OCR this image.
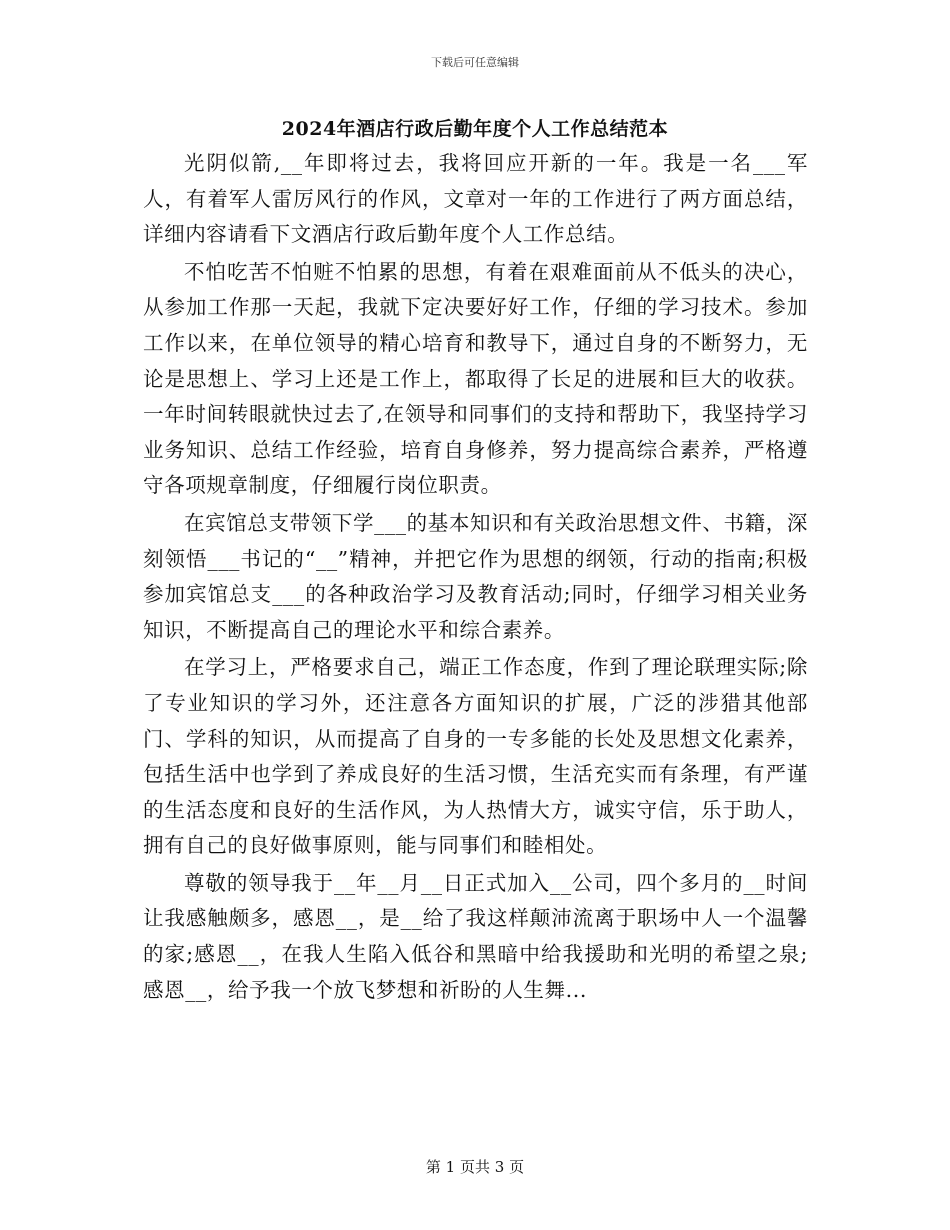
下载后可任意编辑
2024年酒店行政后勤年度个人工作总结范本

光阴似箭,__年即将过去，我将回应开新的一年。我是一名___军人，有着军人雷厉风行的作风，文章对一年的工作进行了两方面总结，详细内容请看下文酒店行政后勤年度个人工作总结。

不怕吃苦不怕赃不怕累的思想，有着在艰难面前从不低头的决心，从参加工作那一天起，我就下定决要好好工作，仔细的学习技术。参加工作以来，在单位领导的精心培育和教导下，通过自身的不断努力，无论是思想上、学习上还是工作上，都取得了长足的进展和巨大的收获。一年时间转眼就快过去了,在领导和同事们的支持和帮助下，我坚持学习业务知识、总结工作经验，培育自身修养，努力提高综合素养，严格遵守各项规章制度，仔细履行岗位职责。

在宾馆总支带领下学___的基本知识和有关政治思想文件、书籍，深刻领悟___书记的“__”精神，并把它作为思想的纲领，行动的指南;积极参加宾馆总支___的各种政治学习及教育活动;同时，仔细学习相关业务知识，不断提高自己的理论水平和综合素养。

在学习上，严格要求自己，端正工作态度，作到了理论联理实际;除了专业知识的学习外，还注意各方面知识的扩展，广泛的涉猎其他部门、学科的知识，从而提高了自身的一专多能的长处及思想文化素养，包括生活中也学到了养成良好的生活习惯，生活充实而有条理，有严谨的生活态度和良好的生活作风，为人热情大方，诚实守信，乐于助人，拥有自己的良好做事原则，能与同事们和睦相处。

尊敬的领导我于__年__月__日正式加入__公司，四个多月的__时间让我感触颇多，感恩__，是__给了我这样颠沛流离于职场中人一个温馨的家;感恩__，在我人生陷入低谷和黑暗中给我援助和光明的希望之泉;感恩__，给予我一个放飞梦想和祈盼的人生舞...

第 1 页共 3 页
